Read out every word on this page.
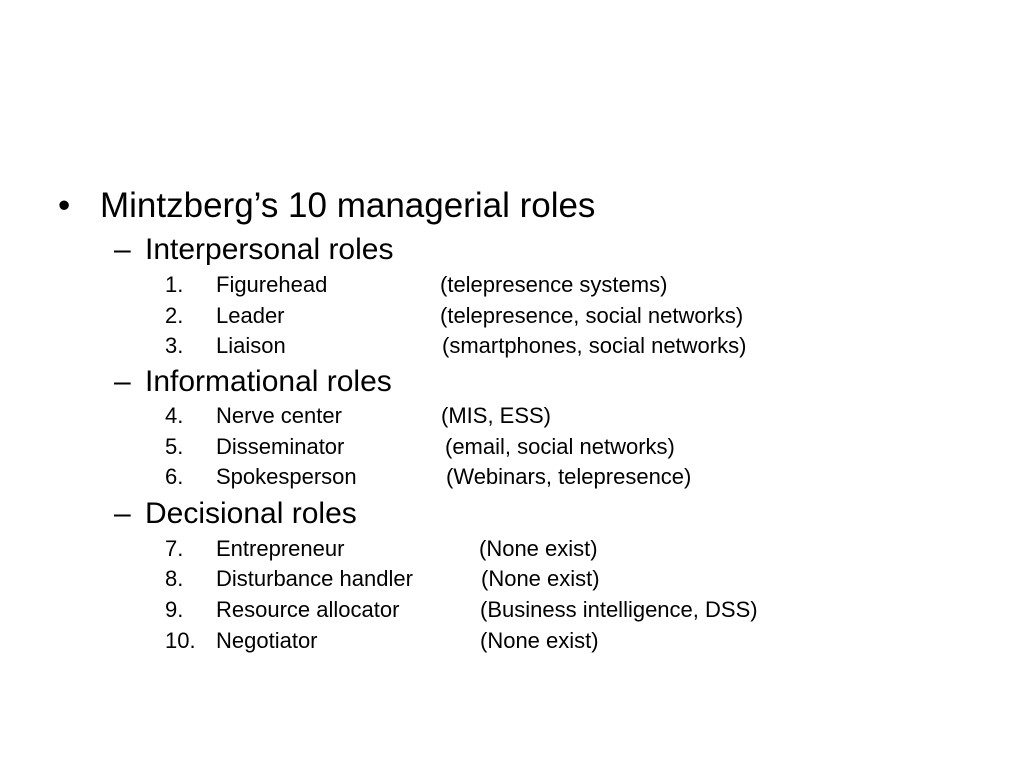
• Mintzberg’s 10 managerial roles
– Interpersonal roles
1. Figurehead	(telepresence systems)
2. Leader	(telepresence, social networks)
3. Liaison	(smartphones, social networks)
– Informational roles
4. Nerve center	(MIS, ESS)
5. Disseminator	(email, social networks)
6. Spokesperson	(Webinars, telepresence)
– Decisional roles
7. Entrepreneur	(None exist)
8. Disturbance handler	(None exist)
9. Resource allocator	(Business intelligence, DSS)
10. Negotiator	(None exist)
